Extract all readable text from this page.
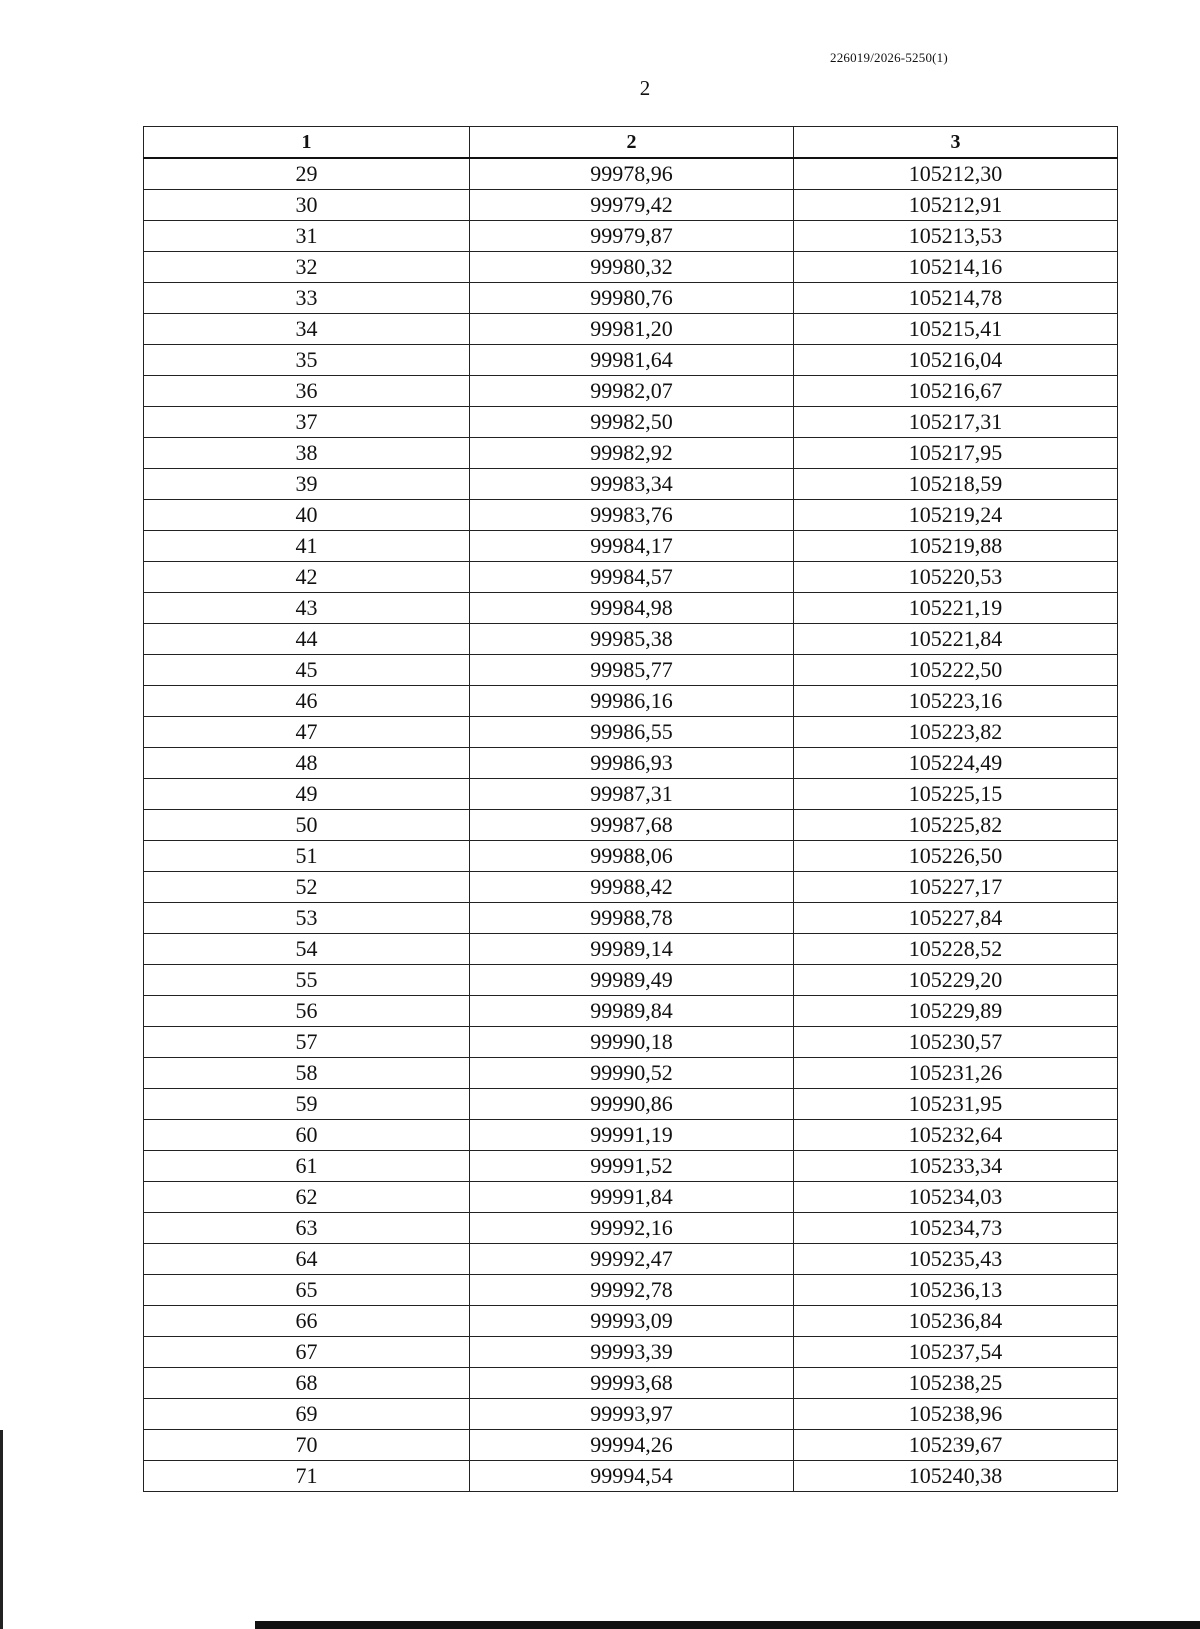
226019/2026-5250(1)
2
1	2	3
29	99978,96	105212,30
30	99979,42	105212,91
31	99979,87	105213,53
32	99980,32	105214,16
33	99980,76	105214,78
34	99981,20	105215,41
35	99981,64	105216,04
36	99982,07	105216,67
37	99982,50	105217,31
38	99982,92	105217,95
39	99983,34	105218,59
40	99983,76	105219,24
41	99984,17	105219,88
42	99984,57	105220,53
43	99984,98	105221,19
44	99985,38	105221,84
45	99985,77	105222,50
46	99986,16	105223,16
47	99986,55	105223,82
48	99986,93	105224,49
49	99987,31	105225,15
50	99987,68	105225,82
51	99988,06	105226,50
52	99988,42	105227,17
53	99988,78	105227,84
54	99989,14	105228,52
55	99989,49	105229,20
56	99989,84	105229,89
57	99990,18	105230,57
58	99990,52	105231,26
59	99990,86	105231,95
60	99991,19	105232,64
61	99991,52	105233,34
62	99991,84	105234,03
63	99992,16	105234,73
64	99992,47	105235,43
65	99992,78	105236,13
66	99993,09	105236,84
67	99993,39	105237,54
68	99993,68	105238,25
69	99993,97	105238,96
70	99994,26	105239,67
71	99994,54	105240,38
